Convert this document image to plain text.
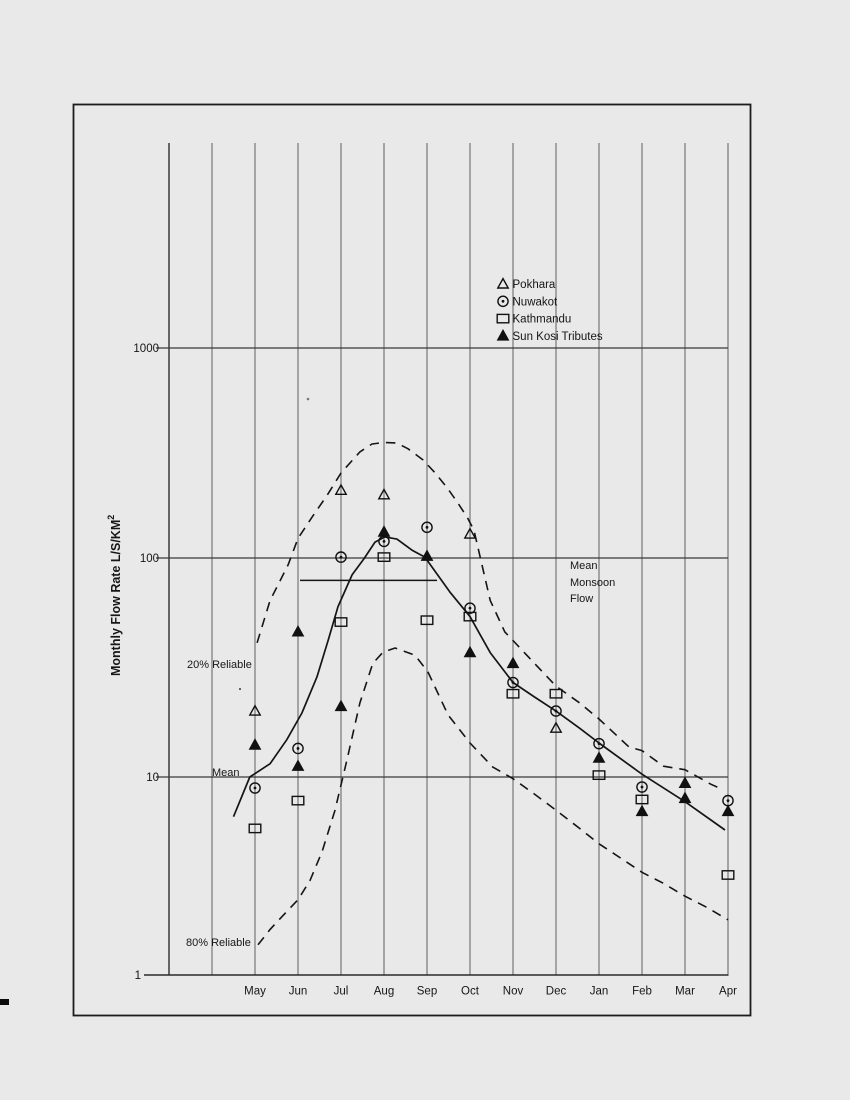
1
10
100
1000
May Jun Jul Aug Sep Oct Nov Dec Jan Feb Mar Apr
Pokhara
Nuwakot
Kathmandu
Sun Kosi Tributes
Monthly Flow Rate $L/S/KM^2$
20% Reliable
Mean
80% Reliable
Mean
Monsoon
Flow
